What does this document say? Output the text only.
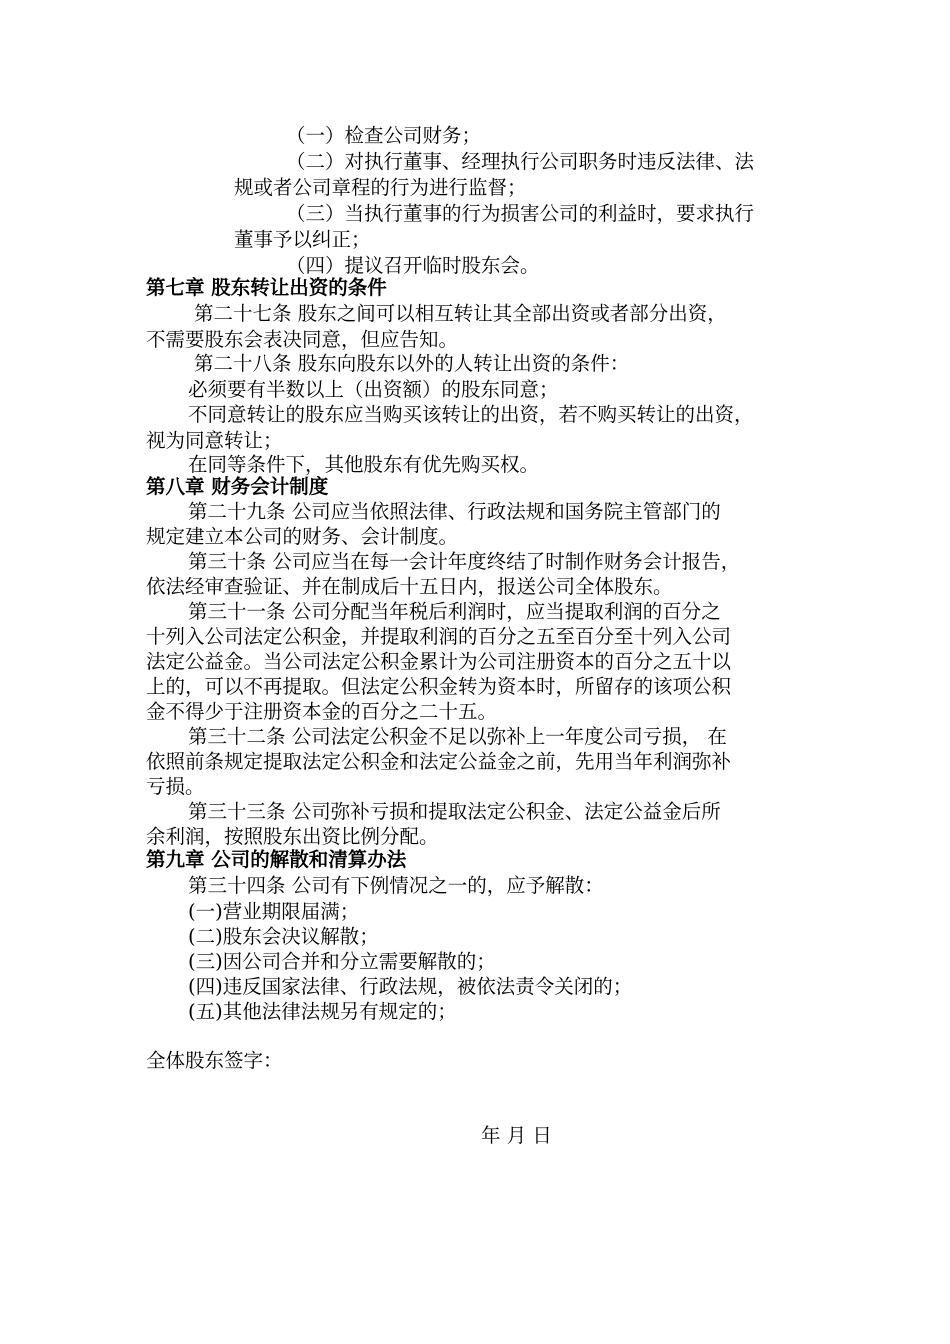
（一）检查公司财务；
（二）对执行董事、经理执行公司职务时违反法律、法
规或者公司章程的行为进行监督；
（三）当执行董事的行为损害公司的利益时，要求执行
董事予以纠正；
（四）提议召开临时股东会。
第七章 股东转让出资的条件
第二十七条 股东之间可以相互转让其全部出资或者部分出资，
不需要股东会表决同意，但应告知。
第二十八条 股东向股东以外的人转让出资的条件：
必须要有半数以上（出资额）的股东同意；
不同意转让的股东应当购买该转让的出资，若不购买转让的出资，
视为同意转让；
在同等条件下，其他股东有优先购买权。
第八章 财务会计制度
第二十九条 公司应当依照法律、行政法规和国务院主管部门的
规定建立本公司的财务、会计制度。
第三十条 公司应当在每一会计年度终结了时制作财务会计报告，
依法经审查验证、并在制成后十五日内，报送公司全体股东。
第三十一条 公司分配当年税后利润时，应当提取利润的百分之
十列入公司法定公积金，并提取利润的百分之五至百分至十列入公司
法定公益金。当公司法定公积金累计为公司注册资本的百分之五十以
上的，可以不再提取。但法定公积金转为资本时，所留存的该项公积
金不得少于注册资本金的百分之二十五。
第三十二条 公司法定公积金不足以弥补上一年度公司亏损， 在
依照前条规定提取法定公积金和法定公益金之前，先用当年利润弥补
亏损。
第三十三条 公司弥补亏损和提取法定公积金、法定公益金后所
余利润，按照股东出资比例分配。
第九章 公司的解散和清算办法
第三十四条 公司有下例情况之一的，应予解散：
(一)营业期限届满；
(二)股东会决议解散；
(三)因公司合并和分立需要解散的；
(四)违反国家法律、行政法规，被依法责令关闭的；
(五)其他法律法规另有规定的；
全体股东签字：
年 月 日
